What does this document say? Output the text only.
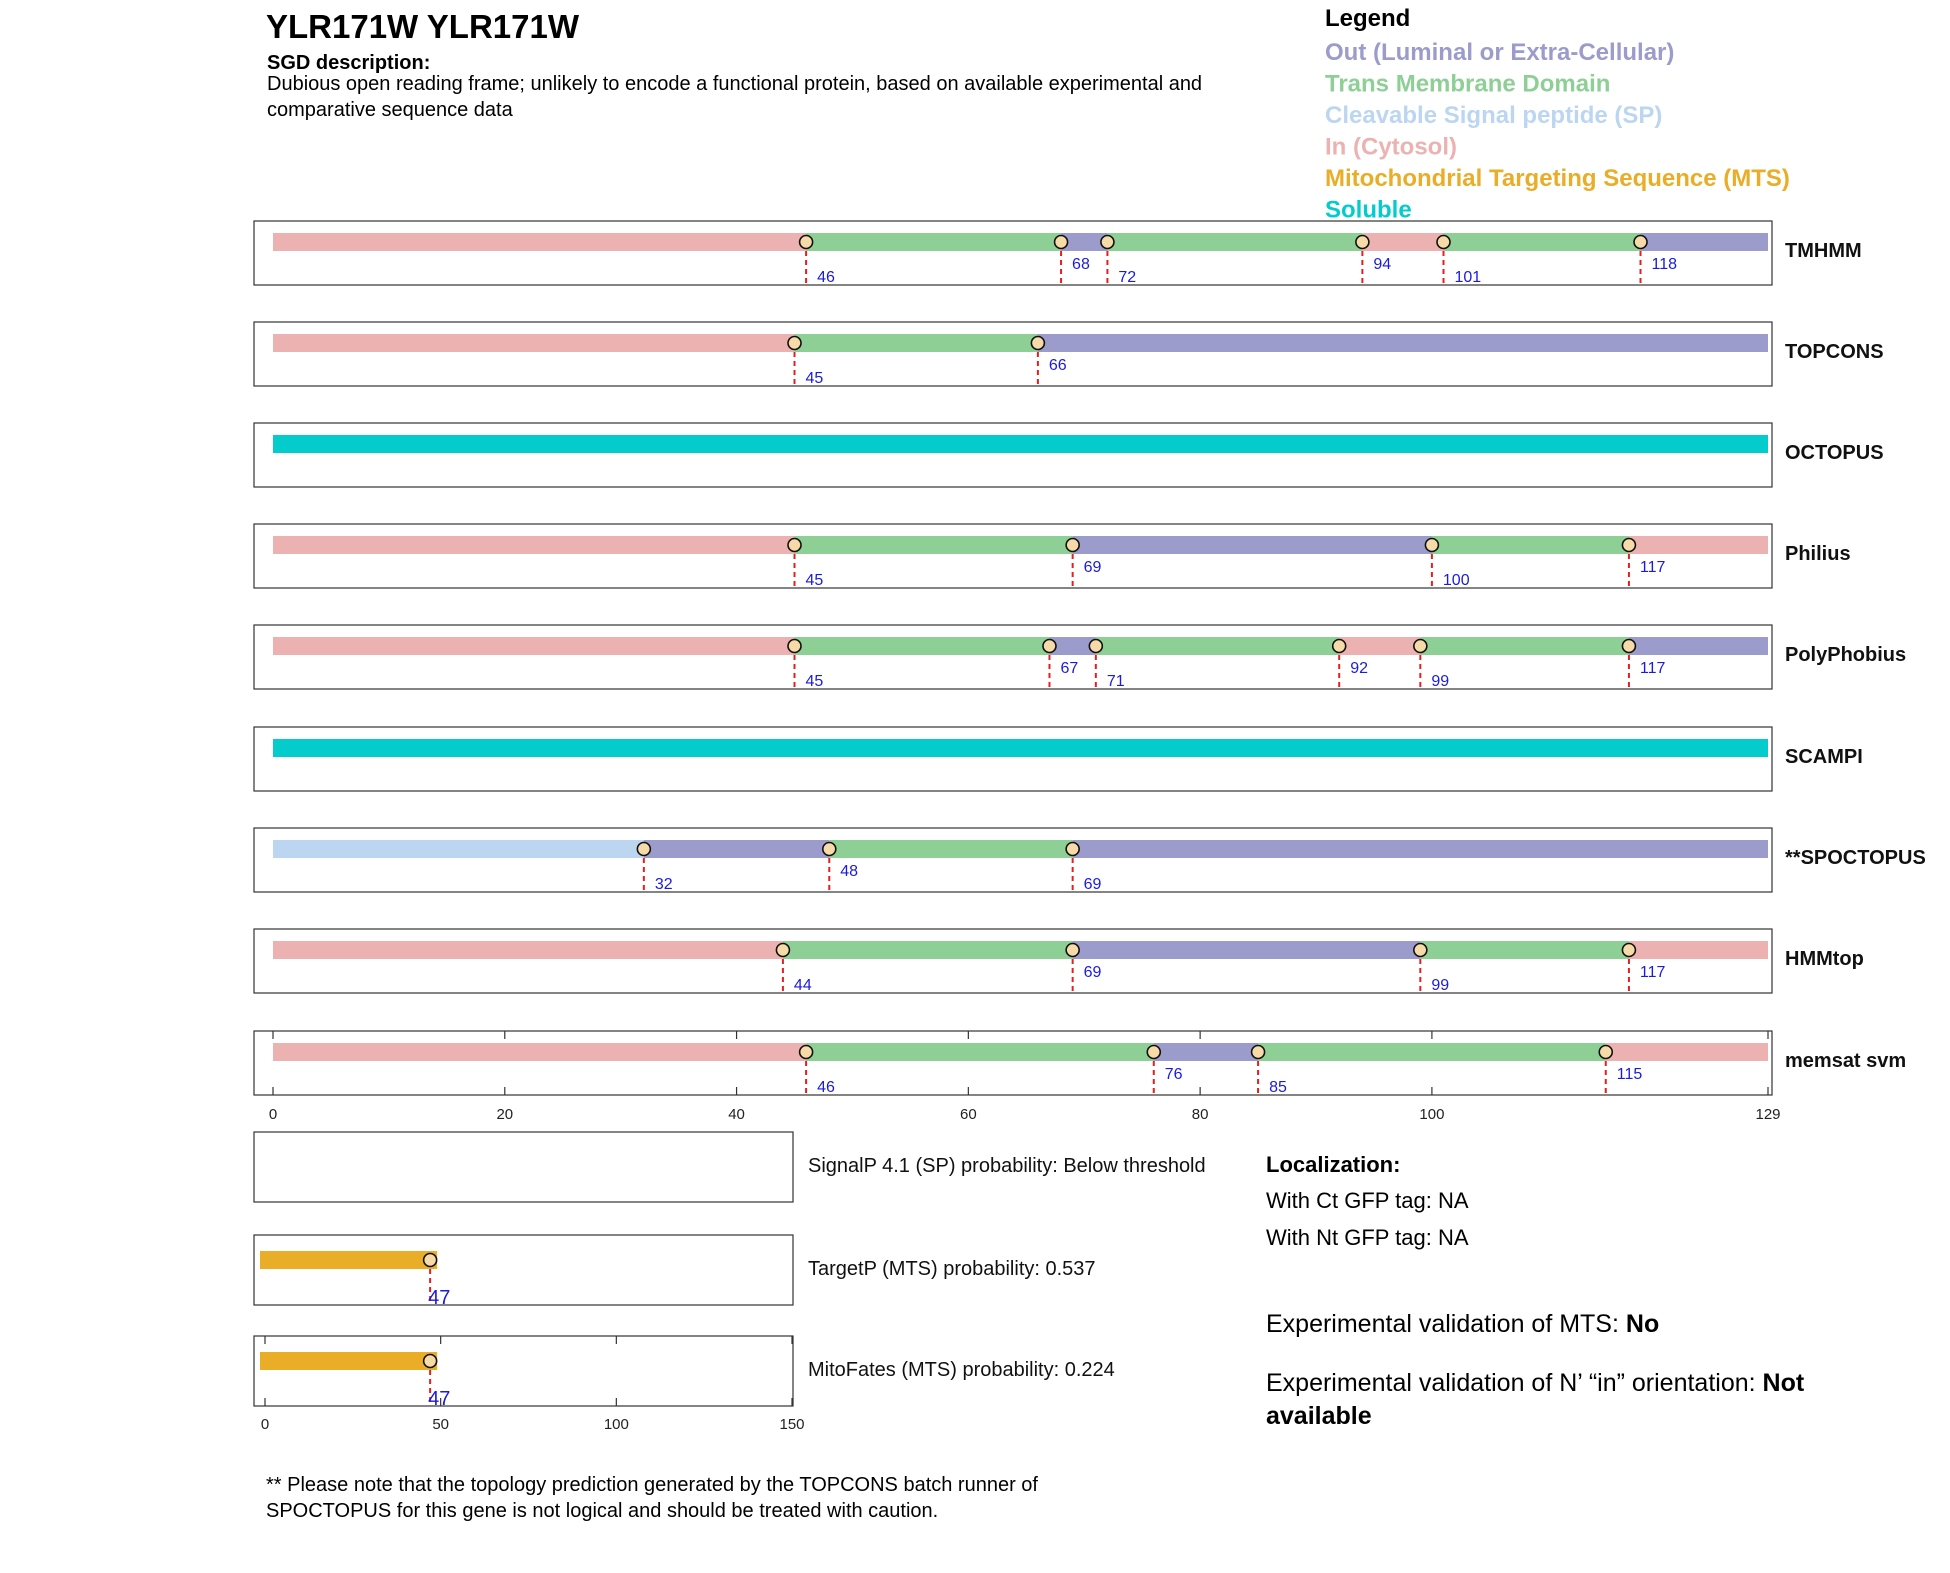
YLR171W YLR171W
SGD description:
Dubious open reading frame; unlikely to encode a functional protein, based on available experimental and
comparative sequence data
Legend
Out (Luminal or Extra-Cellular)
Trans Membrane Domain
Cleavable Signal peptide (SP)
In (Cytosol)
Mitochondrial Targeting Sequence (MTS)
Soluble
46
68
72
94
101
118
TMHMM
45
66
TOPCONS
OCTOPUS
45
69
100
117
Philius
45
67
71
92
99
117
PolyPhobius
SCAMPI
32
48
69
**SPOCTOPUS
44
69
99
117
HMMtop
0	20	40	60	80	100	129
46
76
85
115
memsat svm
SignalP 4.1 (SP) probability: Below threshold
47
TargetP (MTS) probability: 0.537
47
MitoFates (MTS) probability: 0.224
0	50	100	150
Localization:
With Ct GFP tag: NA
With Nt GFP tag: NA
Experimental validation of MTS: No
Experimental validation of N’ “in” orientation: Not
available
** Please note that the topology prediction generated by the TOPCONS batch runner of
SPOCTOPUS for this gene is not logical and should be treated with caution.
